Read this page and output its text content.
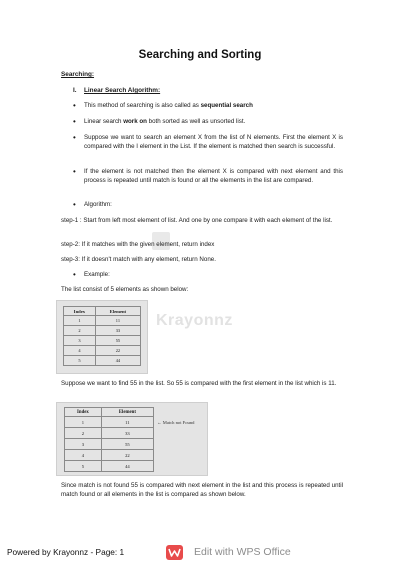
Krayonnz
Searching and Sorting
Searching:
I. Linear Search Algorithm:
• This method of searching is also called as sequential search
• Linear search work on both sorted as well as unsorted list.
• Suppose we want to search an element X from the list of N elements. First the element X is compared with the I element in the List. If the element is matched then search is successful.
• If the element is not matched then the element X is compared with next element and this process is repeated until match is found or all the elements in the list are compared.
• Algorithm:
step-1 : Start from left most element of list. And one by one compare it with each element of the list.
step-2: If it matches with the given element, return index
step-3: If it doesn't match with any element, return None.
• Example:
The list consist of 5 elements as shown below:
Index	Element
1	11
2	33
3	55
4	22
5	44
Suppose we want to find 55 in the list. So 55 is compared with the first element in the list which is 11.
Index	Element
1	11
2	33
3	55
4	22
5	44
← Match not Found
Since match is not found 55 is compared with next element in the list and this process is repeated until match found or all elements in the list is compared as shown below.
Powered by Krayonnz - Page: 1	Edit with WPS Office
